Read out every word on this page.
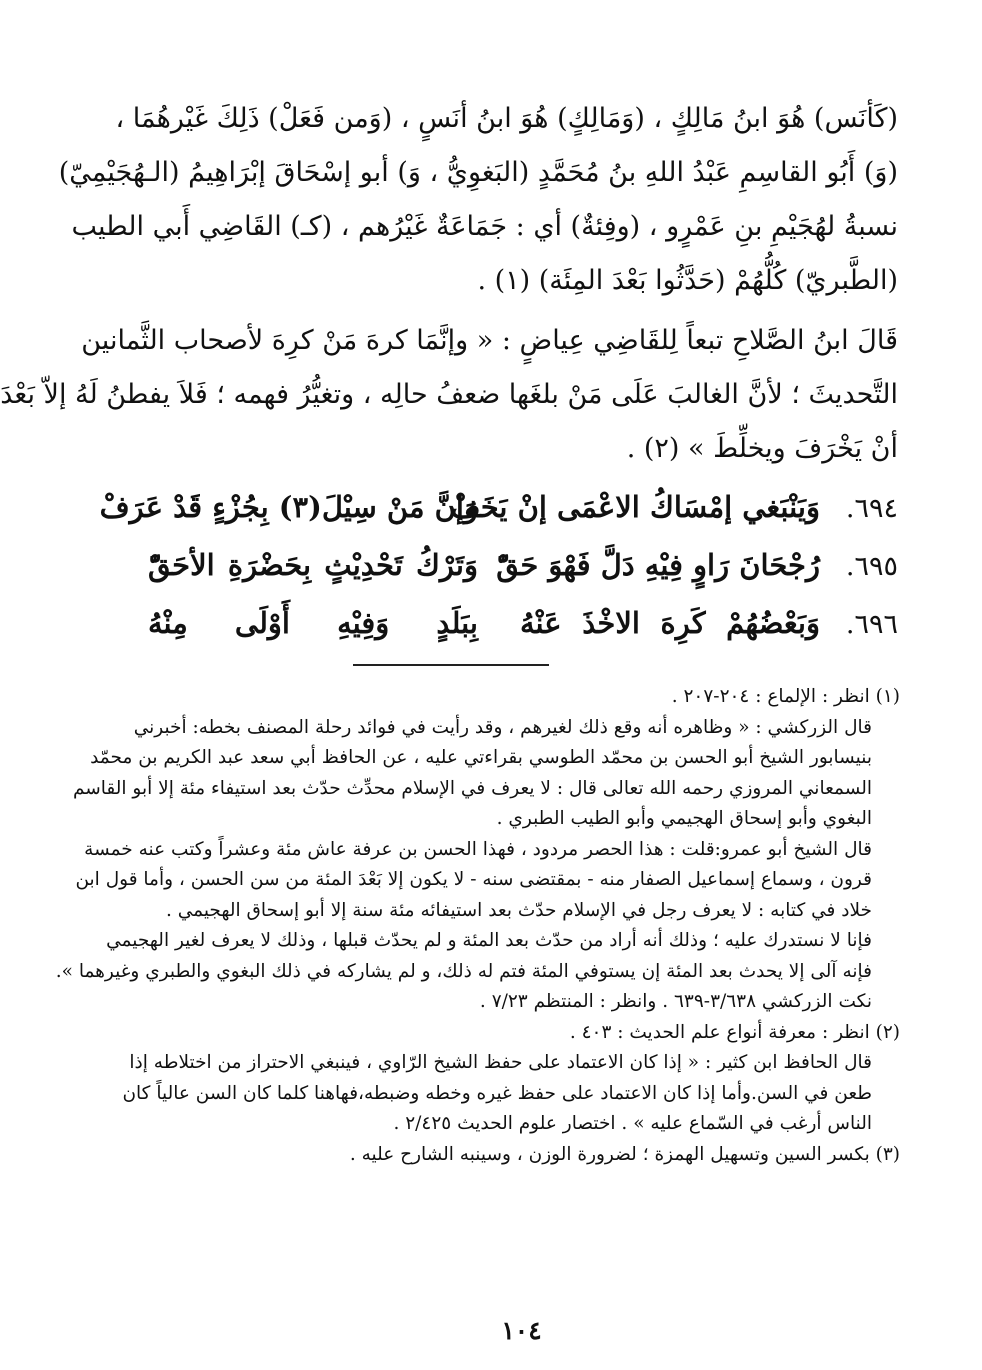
(كَأنَس) هُوَ ابنُ مَالِكٍ ، (وَمَالِكٍ) هُوَ ابنُ أنَسٍ ، (وَمن فَعَلْ) ذَلِكَ غَيْرهُمَا ،
(وَ) أَبُو القاسِمِ عَبْدُ اللهِ بنُ مُحَمَّدٍ (البَغوِيُّ ، وَ) أبو إسْحَاقَ إبْرَاهِيمُ (الـهُجَيْمِيّ)
نسبةُ لهُجَيْمِ بنِ عَمْرٍو ، (وفِئةٌ) أي : جَمَاعَةٌ غَيْرُهم ، (كـ) القَاضِي أَبي الطيب
(الطَّبريّ) كُلُّهُمْ (حَدَّثُوا بَعْدَ المِئَة) (١) .
قَالَ ابنُ الصَّلاحِ تبعاً لِلقَاضِي عِياضٍ : « وإنَّمَا كرهَ مَنْ كرِهَ لأصحاب الثَّمانين
التَّحديثَ ؛ لأنَّ الغالبَ عَلَى مَنْ بلغَها ضعفُ حالِه ، وتغيُّرُ فهمه ؛ فَلاَ يفطنُ لَهُ إلاّ بَعْدَ
أنْ يَخْرَفَ ويخلِّطَ » (٢) .
٦٩٤.
وَيَنْبَغي إمْسَاكُ الاعْمَى إنْ يَخَفْ
وَإنَّ مَنْ سِيْلَ(٣) بِجُزْءٍ قَدْ عَرَفْ
٦٩٥.
رُجْحَانَ رَاوٍ فِيْهِ دَلَّ فَهْوَ حَقّْ
وَتَرْكُ تَحْدِيْثٍ بِحَضْرَةِ الأحَقّْ
٦٩٦.
وَبَعْضُهُمْ كَرِهَ الاخْذَ عَنْهُ
بِبَلَدٍ وَفِيْهِ أَوْلَى مِنْهُ
(١) انظر : الإلماع : ٢٠٤-٢٠٧ .
قال الزركشي : « وظاهره أنه وقع ذلك لغيرهم ، وقد رأيت في فوائد رحلة المصنف بخطه: أخبرني
بنيسابور الشيخ أبو الحسن بن محمّد الطوسي بقراءتي عليه ، عن الحافظ أبي سعد عبد الكريم بن محمّد
السمعاني المروزي رحمه الله تعالى قال : لا يعرف في الإسلام محدِّث حدّث بعد استيفاء مئة إلا أبو القاسم
البغوي وأبو إسحاق الهجيمي وأبو الطيب الطبري .
قال الشيخ أبو عمرو:قلت : هذا الحصر مردود ، فهذا الحسن بن عرفة عاش مئة وعشراً وكتب عنه خمسة
قرون ، وسماع إسماعيل الصفار منه - بمقتضى سنه - لا يكون إلا بَعْدَ المئة من سن الحسن ، وأما قول ابن
خلاد في كتابه : لا يعرف رجل في الإسلام حدّث بعد استيفائه مئة سنة إلا أبو إسحاق الهجيمي .
فإنا لا نستدرك عليه ؛ وذلك أنه أراد من حدّث بعد المئة و لم يحدّث قبلها ، وذلك لا يعرف لغير الهجيمي
فإنه آلى إلا يحدث بعد المئة إن يستوفي المئة فتم له ذلك، و لم يشاركه في ذلك البغوي والطبري وغيرهما ».
نكت الزركشي ٣/٦٣٨-٦٣٩ . وانظر : المنتظم ٧/٢٣ .
(٢) انظر : معرفة أنواع علم الحديث : ٤٠٣ .
قال الحافظ ابن كثير : « إذا كان الاعتماد على حفظ الشيخ الرّاوي ، فينبغي الاحتراز من اختلاطه إذا
طعن في السن.وأما إذا كان الاعتماد على حفظ غيره وخطه وضبطه،فهاهنا كلما كان السن عالياً كان
الناس أرغب في السّماع عليه » . اختصار علوم الحديث ٢/٤٢٥ .
(٣) بكسر السين وتسهيل الهمزة ؛ لضرورة الوزن ، وسينبه الشارح عليه .
١٠٤
